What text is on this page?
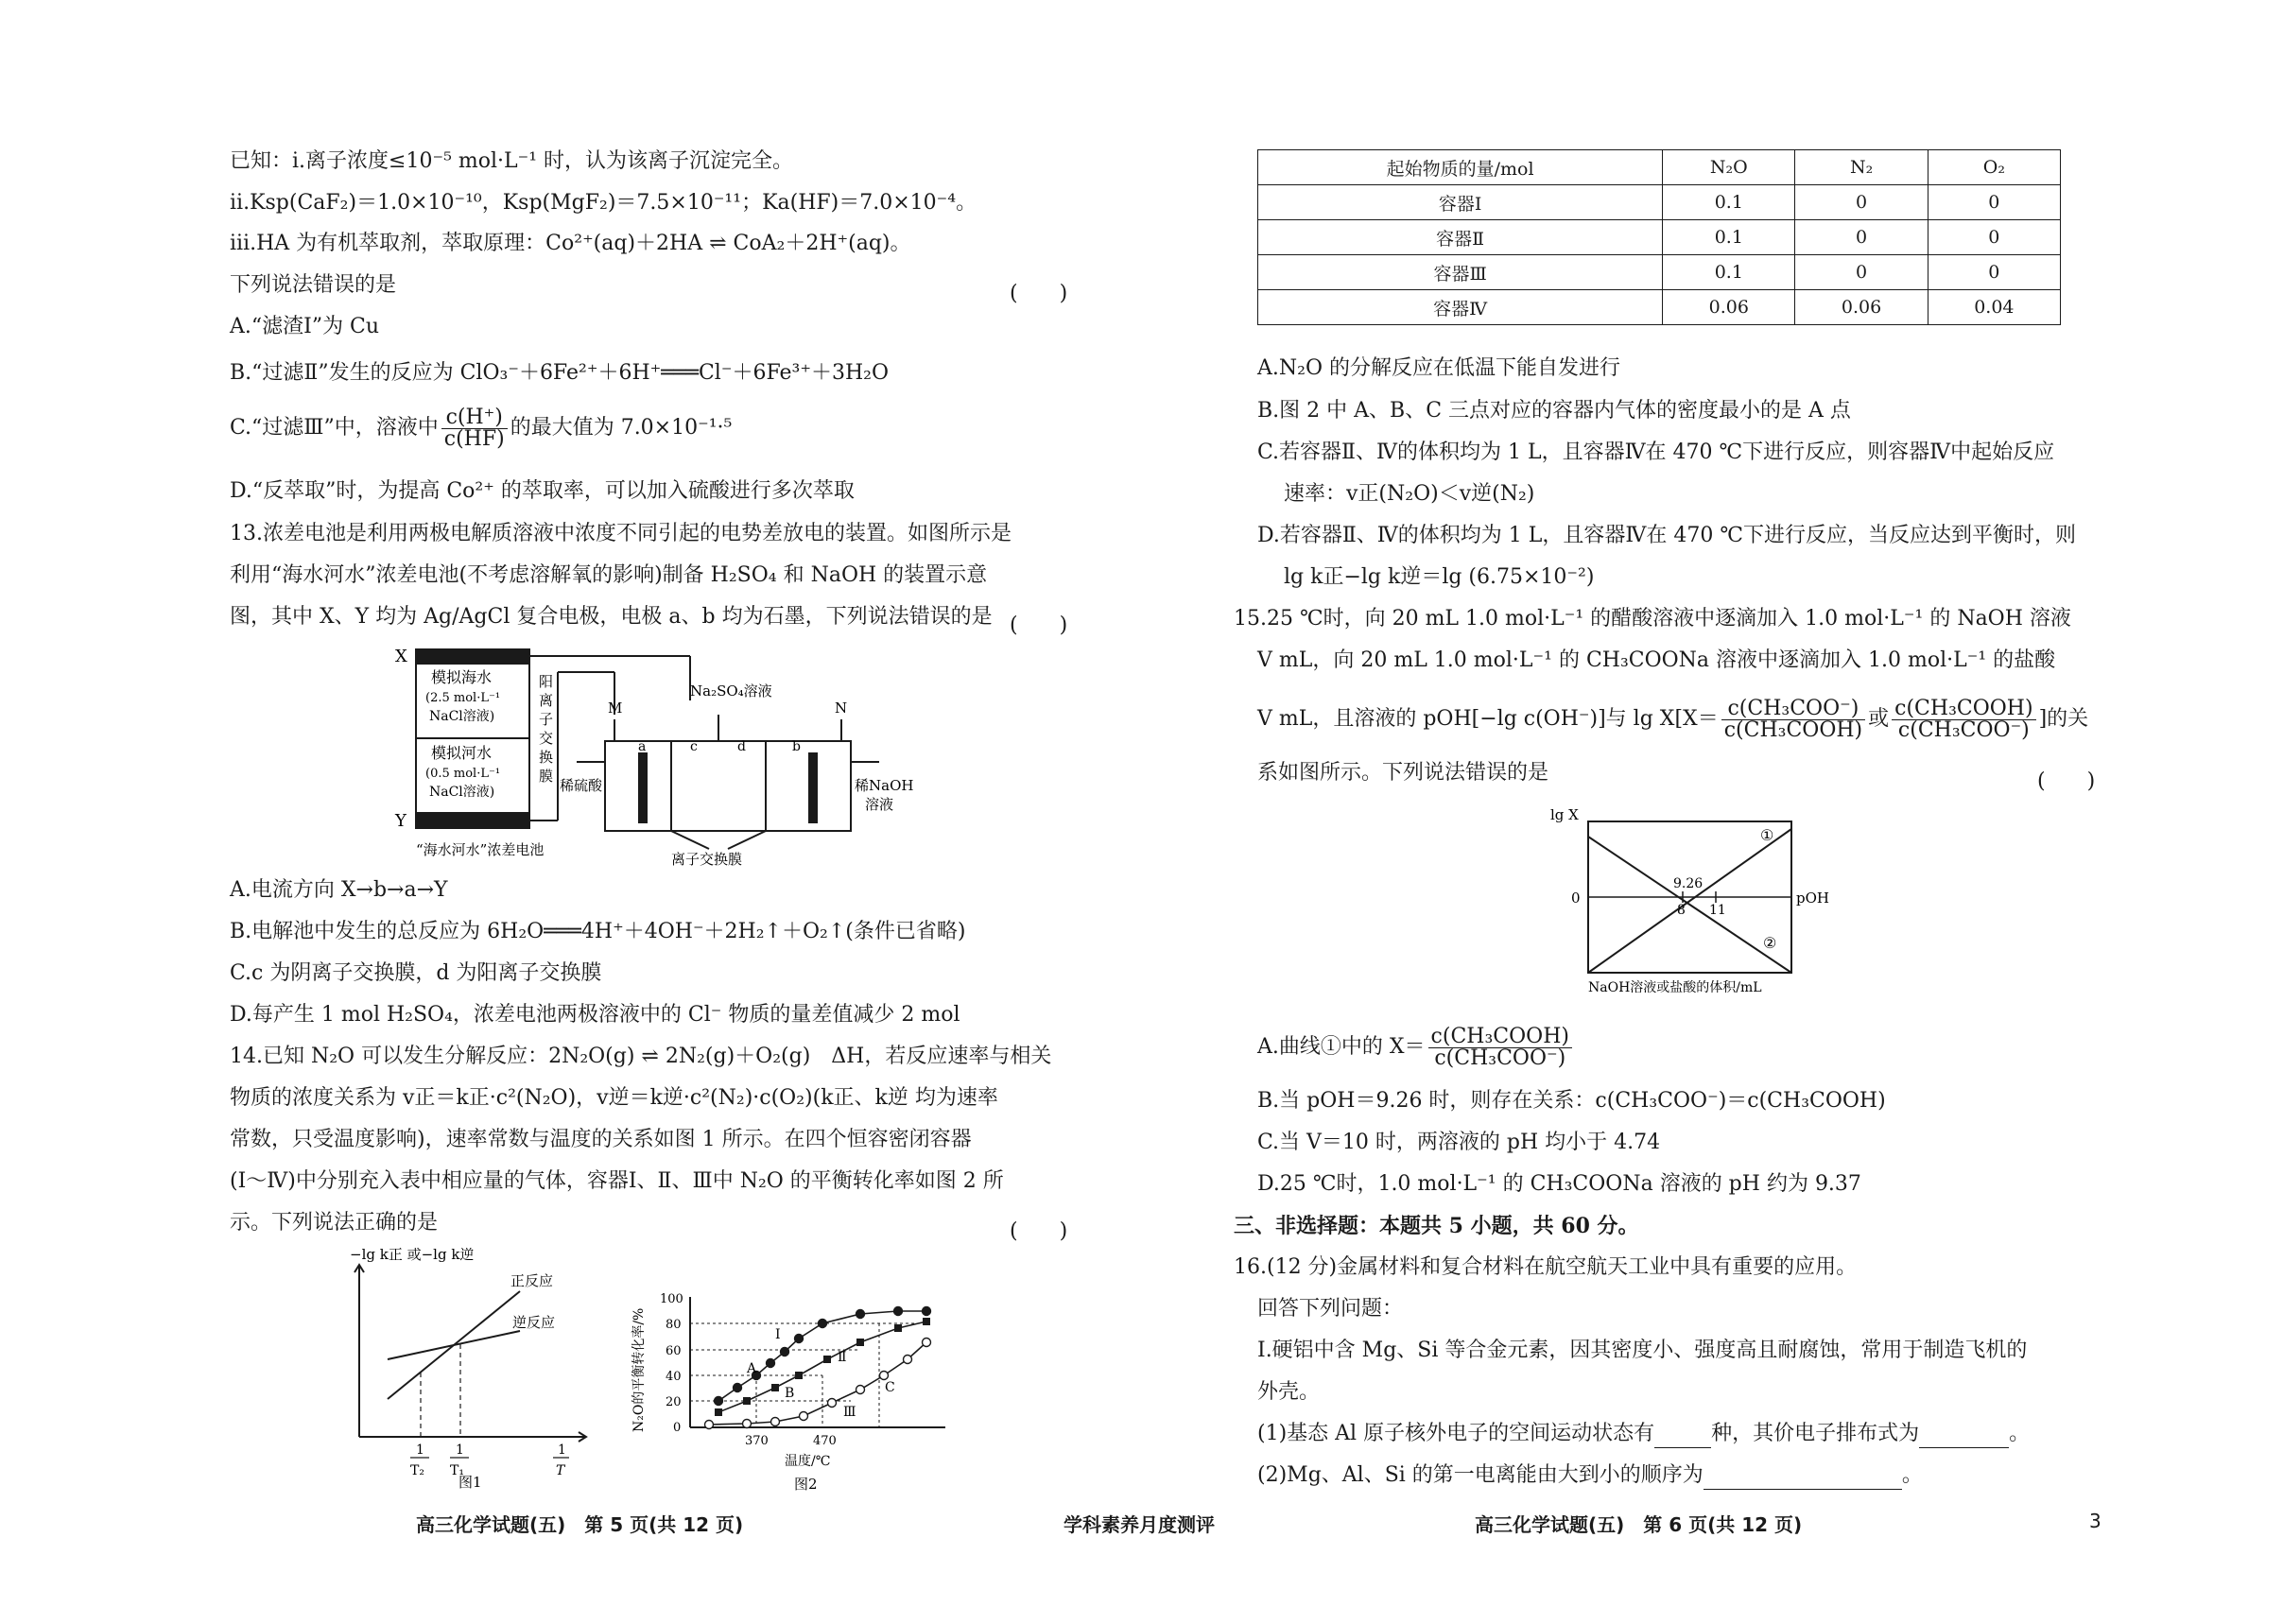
已知：ⅰ.离子浓度≤10⁻⁵ mol·L⁻¹ 时，认为该离子沉淀完全。
ⅱ.Ksp(CaF₂)＝1.0×10⁻¹⁰，Ksp(MgF₂)＝7.5×10⁻¹¹；Ka(HF)＝7.0×10⁻⁴。
ⅲ.HA 为有机萃取剂，萃取原理：Co²⁺(aq)＋2HA ⇌ CoA₂＋2H⁺(aq)。
下列说法错误的是	(　　)
A.“滤渣Ⅰ”为 Cu
B.“过滤Ⅱ”发生的反应为 ClO₃⁻＋6Fe²⁺＋6H⁺═══Cl⁻＋6Fe³⁺＋3H₂O
C.“过滤Ⅲ”中，溶液中 $\frac{c(H^+)}{c(HF)}$ 的最大值为 7.0×10⁻¹·⁵
D.“反萃取”时，为提高 Co²⁺ 的萃取率，可以加入硫酸进行多次萃取
13.浓差电池是利用两极电解质溶液中浓度不同引起的电势差放电的装置。如图所示是
利用“海水河水”浓差电池(不考虑溶解氧的影响)制备 H₂SO₄ 和 NaOH 的装置示意
图，其中 X、Y 均为 Ag/AgCl 复合电极，电极 a、b 均为石墨，下列说法错误的是 (　　)
X
Y
模拟海水
(2.5 mol·L⁻¹
NaCl溶液)
模拟河水
(0.5 mol·L⁻¹
NaCl溶液)
阳
离
子
交
换
膜
“海水河水”浓差电池
M	N
Na₂SO₄溶液
a	c	d	b
稀硫酸	稀NaOH
溶液
离子交换膜
A.电流方向 X→b→a→Y
B.电解池中发生的总反应为 6H₂O═══4H⁺＋4OH⁻＋2H₂↑＋O₂↑(条件已省略)
C.c 为阴离子交换膜，d 为阳离子交换膜
D.每产生 1 mol H₂SO₄，浓差电池两极溶液中的 Cl⁻ 物质的量差值减少 2 mol
14.已知 N₂O 可以发生分解反应：2N₂O(g) ⇌ 2N₂(g)＋O₂(g)　ΔH，若反应速率与相关
物质的浓度关系为 v正＝k正·c²(N₂O)，v逆＝k逆·c²(N₂)·c(O₂)(k正、k逆 均为速率
常数，只受温度影响)，速率常数与温度的关系如图 1 所示。在四个恒容密闭容器
(Ⅰ～Ⅳ)中分别充入表中相应量的气体，容器Ⅰ、Ⅱ、Ⅲ中 N₂O 的平衡转化率如图 2 所
示。下列说法正确的是	(　　)
−lg k正 或−lg k逆
正反应
逆反应
1
T₂
1
T₁
1
T
图1
N₂O的平衡转化率/%
100
80
60
40
20
0
370	470
温度/℃
图2
A
B	C
Ⅰ
Ⅱ
Ⅲ
起始物质的量/mol	N₂O	N₂	O₂
容器Ⅰ	0.1	0	0
容器Ⅱ	0.1	0	0
容器Ⅲ	0.1	0	0
容器Ⅳ	0.06	0.06	0.04
A.N₂O 的分解反应在低温下能自发进行
B.图 2 中 A、B、C 三点对应的容器内气体的密度最小的是 A 点
C.若容器Ⅱ、Ⅳ的体积均为 1 L，且容器Ⅳ在 470 ℃下进行反应，则容器Ⅳ中起始反应
速率：v正(N₂O)＜v逆(N₂)
D.若容器Ⅱ、Ⅳ的体积均为 1 L，且容器Ⅳ在 470 ℃下进行反应，当反应达到平衡时，则
lg k正−lg k逆＝lg (6.75×10⁻²)
15.25 ℃时，向 20 mL 1.0 mol·L⁻¹ 的醋酸溶液中逐滴加入 1.0 mol·L⁻¹ 的 NaOH 溶液
V mL，向 20 mL 1.0 mol·L⁻¹ 的 CH₃COONa 溶液中逐滴加入 1.0 mol·L⁻¹ 的盐酸
V mL，且溶液的 pOH[−lg c(OH⁻)]与 $\lg X[X= \frac{\text{c(CH₃COO⁻)}}{\text{c(CH₃COOH)}}$ 或 $\frac{\text{c(CH₃COOH)}}{\text{c(CH₃COO⁻)}}$ ]的关
系如图所示。下列说法错误的是	(　　)
lg X
0	pOH
9.26
8 11
①
②
NaOH溶液或盐酸的体积/mL
A.曲线①中的 $X= \frac{\text{c(CH₃COOH)}}{\text{c(CH₃COO⁻)}}$
B.当 pOH＝9.26 时，则存在关系：c(CH₃COO⁻)＝c(CH₃COOH)
C.当 V＝10 时，两溶液的 pH 均小于 4.74
D.25 ℃时，1.0 mol·L⁻¹ 的 CH₃COONa 溶液的 pH 约为 9.37
三、非选择题：本题共 5 小题，共 60 分。
16.(12 分)金属材料和复合材料在航空航天工业中具有重要的应用。
回答下列问题：
Ⅰ.硬铝中含 Mg、Si 等合金元素，因其密度小、强度高且耐腐蚀，常用于制造飞机的
外壳。
(1)基态 Al 原子核外电子的空间运动状态有	种，其价电子排布式为	。
(2)Mg、Al、Si 的第一电离能由大到小的顺序为	。
高三化学试题(五)　第 5 页(共 12 页)	学科素养月度测评	高三化学试题(五)　第 6 页(共 12 页)	3
